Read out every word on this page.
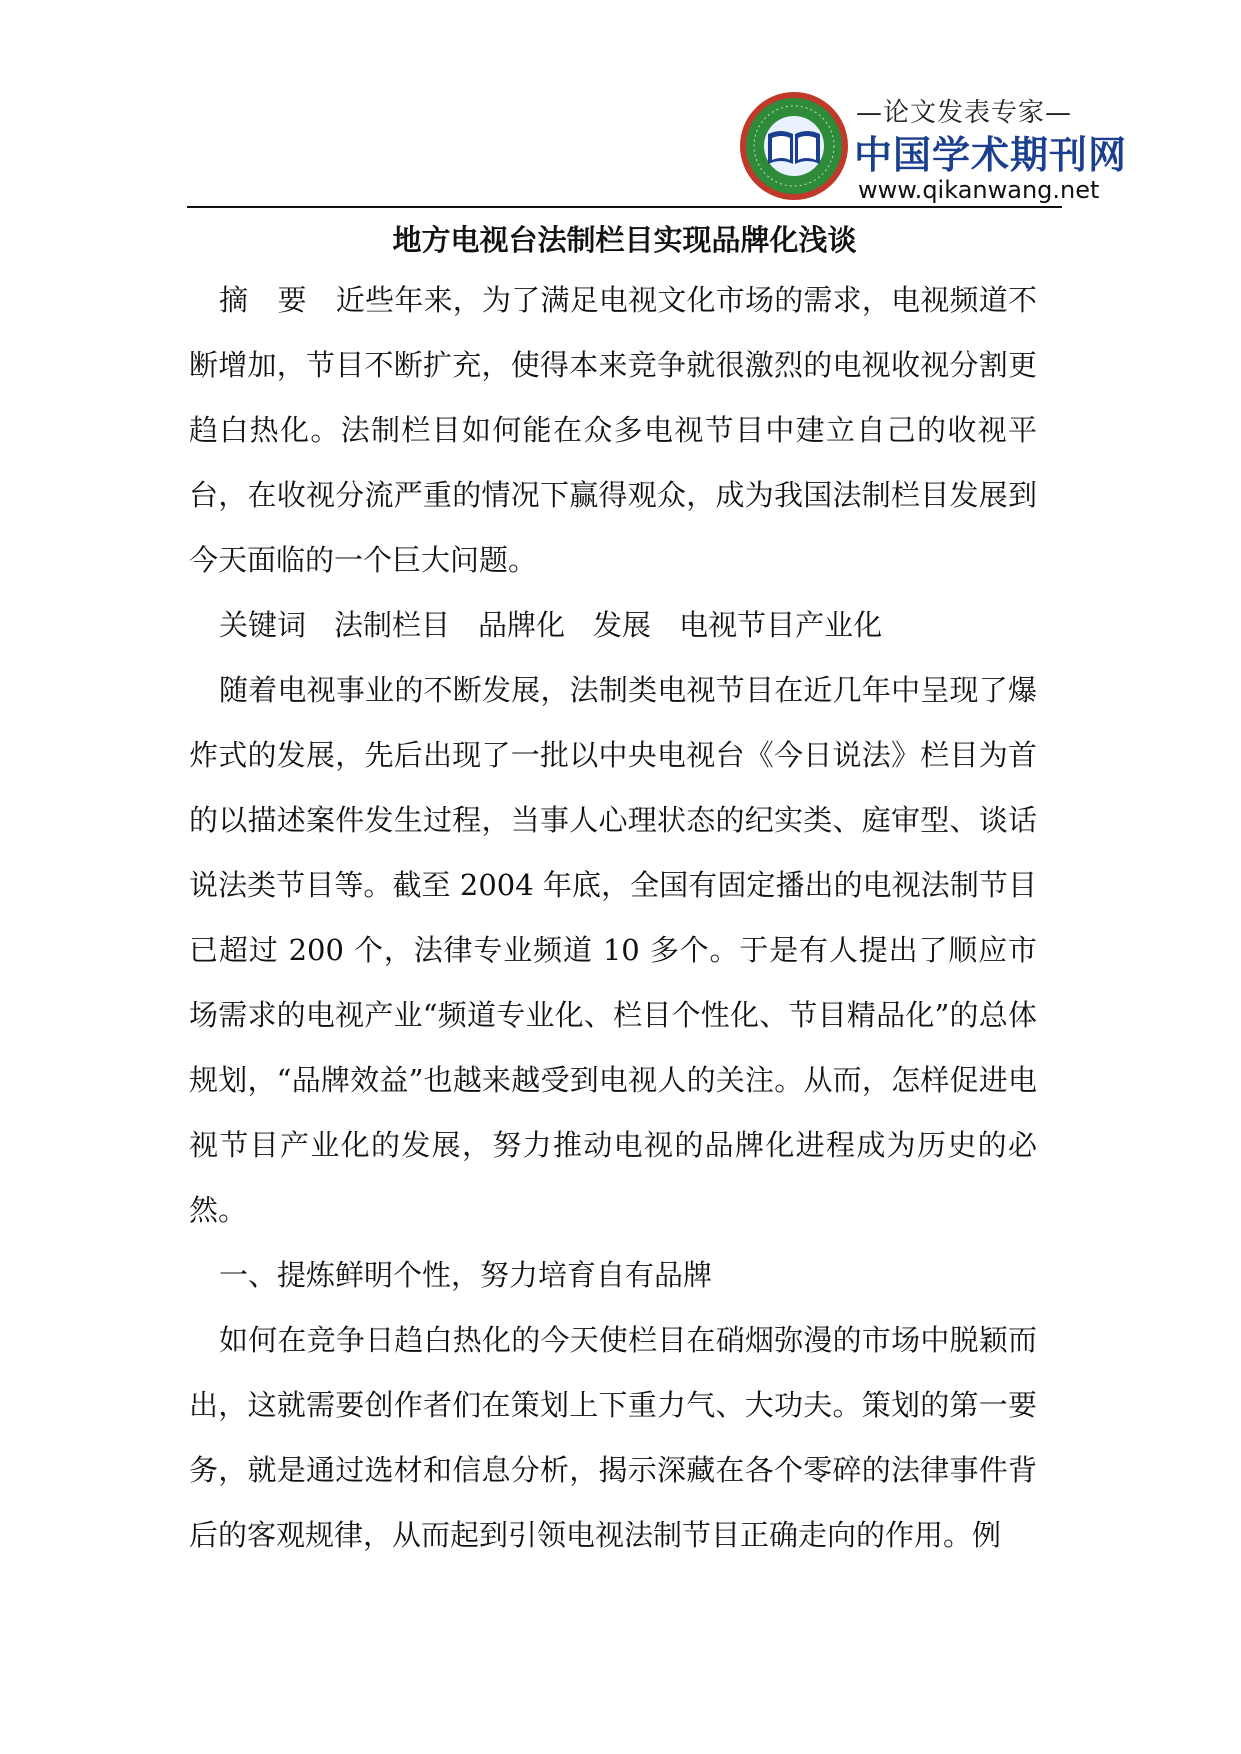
—论文发表专家—
中国学术期刊网
www.qikanwang.net
地方电视台法制栏目实现品牌化浅谈

摘　要　 近些年来，为了满足电视文化市场的需求，电视频道不断增加，节目不断扩充，使得本来竞争就很激烈的电视收视分割更趋白热化。法制栏目如何能在众多电视节目中建立自己的收视平台，在收视分流严重的情况下赢得观众，成为我国法制栏目发展到今天面临的一个巨大问题。

关键词 法制栏目 品牌化 发展 电视节目产业化

随着电视事业的不断发展，法制类电视节目在近几年中呈现了爆炸式的发展，先后出现了一批以中央电视台《今日说法》栏目为首的以描述案件发生过程，当事人心理状态的纪实类、庭审型、谈话说法类节目等。截至 2004 年底，全国有固定播出的电视法制节目已超过 200 个，法律专业频道 10 多个。于是有人提出了顺应市场需求的电视产业“频道专业化、栏目个性化、节目精品化”的总体规划，“品牌效益”也越来越受到电视人的关注。从而，怎样促进电视节目产业化的发展，努力推动电视的品牌化进程成为历史的必然。

一、提炼鲜明个性，努力培育自有品牌

如何在竞争日趋白热化的今天使栏目在硝烟弥漫的市场中脱颖而出，这就需要创作者们在策划上下重力气、大功夫。策划的第一要务，就是通过选材和信息分析，揭示深藏在各个零碎的法律事件背后的客观规律，从而起到引领电视法制节目正确走向的作用。例
